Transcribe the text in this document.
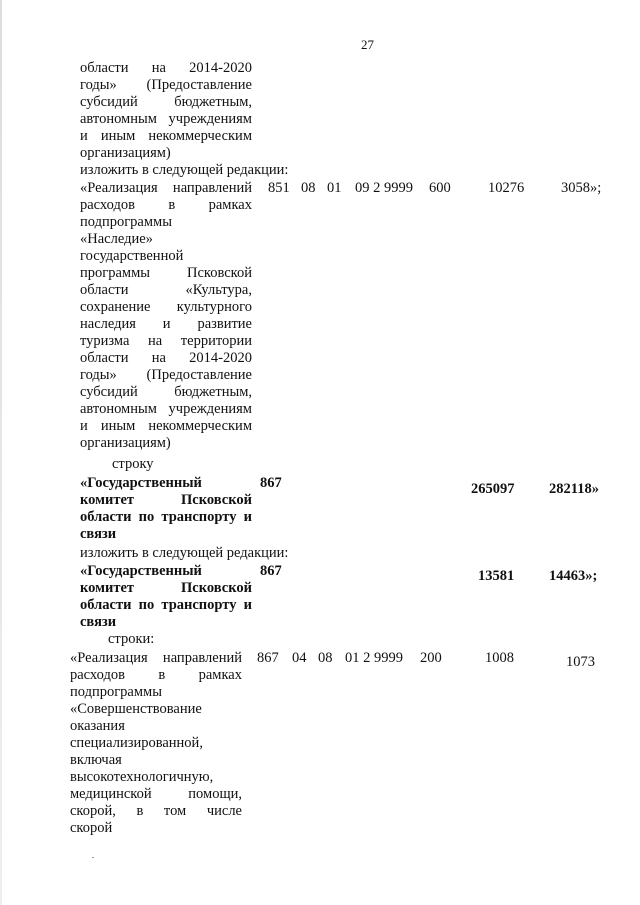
27
области на 2014-2020
годы» (Предоставление
субсидий бюджетным,
автономным учреждениям
и иным некоммерческим
организациям)
изложить в следующей редакции:
«Реализация направлений
расходов в рамках
подпрограммы
«Наследие»
государственной
программы Псковской
области «Культура,
сохранение культурного
наследия и развитие
туризма на территории
области на 2014-2020
годы» (Предоставление
субсидий бюджетным,
автономным учреждениям
и иным некоммерческим
организациям)
851 08 01 09 2 9999 600	10276	3058»;
строку
«Государственный
комитет Псковской
области по транспорту и
связи
867	265097 282118»
изложить в следующей редакции:
«Государственный
комитет Псковской
области по транспорту и
связи
867	13581 14463»;
строки:
«Реализация направлений
расходов в рамках
подпрограммы
«Совершенствование
оказания
специализированной,
включая
высокотехнологичную,
медицинской помощи,
скорой, в том числе
скорой
867 04 08 01 2 9999 200	1008	1073
